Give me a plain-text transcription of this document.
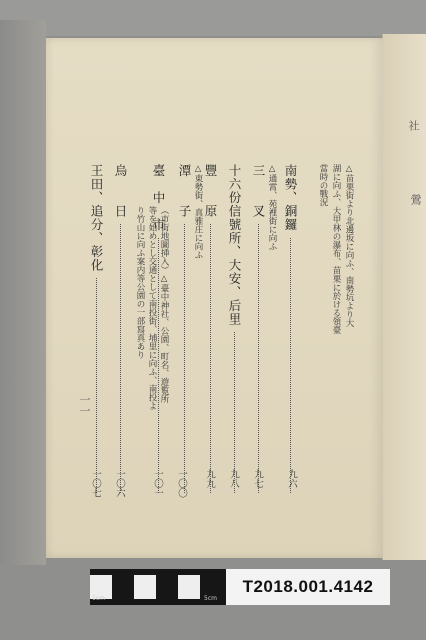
社
鶯
南勢、銅鑼	△苗栗街より北邊坂に向ふ、南勢坑より大湖に向ふ、大甲林の瀑布、苗栗に於ける領臺當時の戰況
九六
三　　叉 △通霄、苑裡街に向ふ
九七
十六份信號所、大安、后里
九八
豐　　原
九九
潭　　子 △東勢街、真雅庄に向ふ
一〇〇
臺　中　市
（市街地圖挿入）△臺中神社、公園、町名、遊覧所等を始めとし交通として南投街、埔里に向ふ、南投より竹山に向ふ案内等公園の一部寫真あり
一〇一
烏　　日
一〇六
王田、追分、彰化
一〇七
一一
1cm	5cm
T2018.001.4142
